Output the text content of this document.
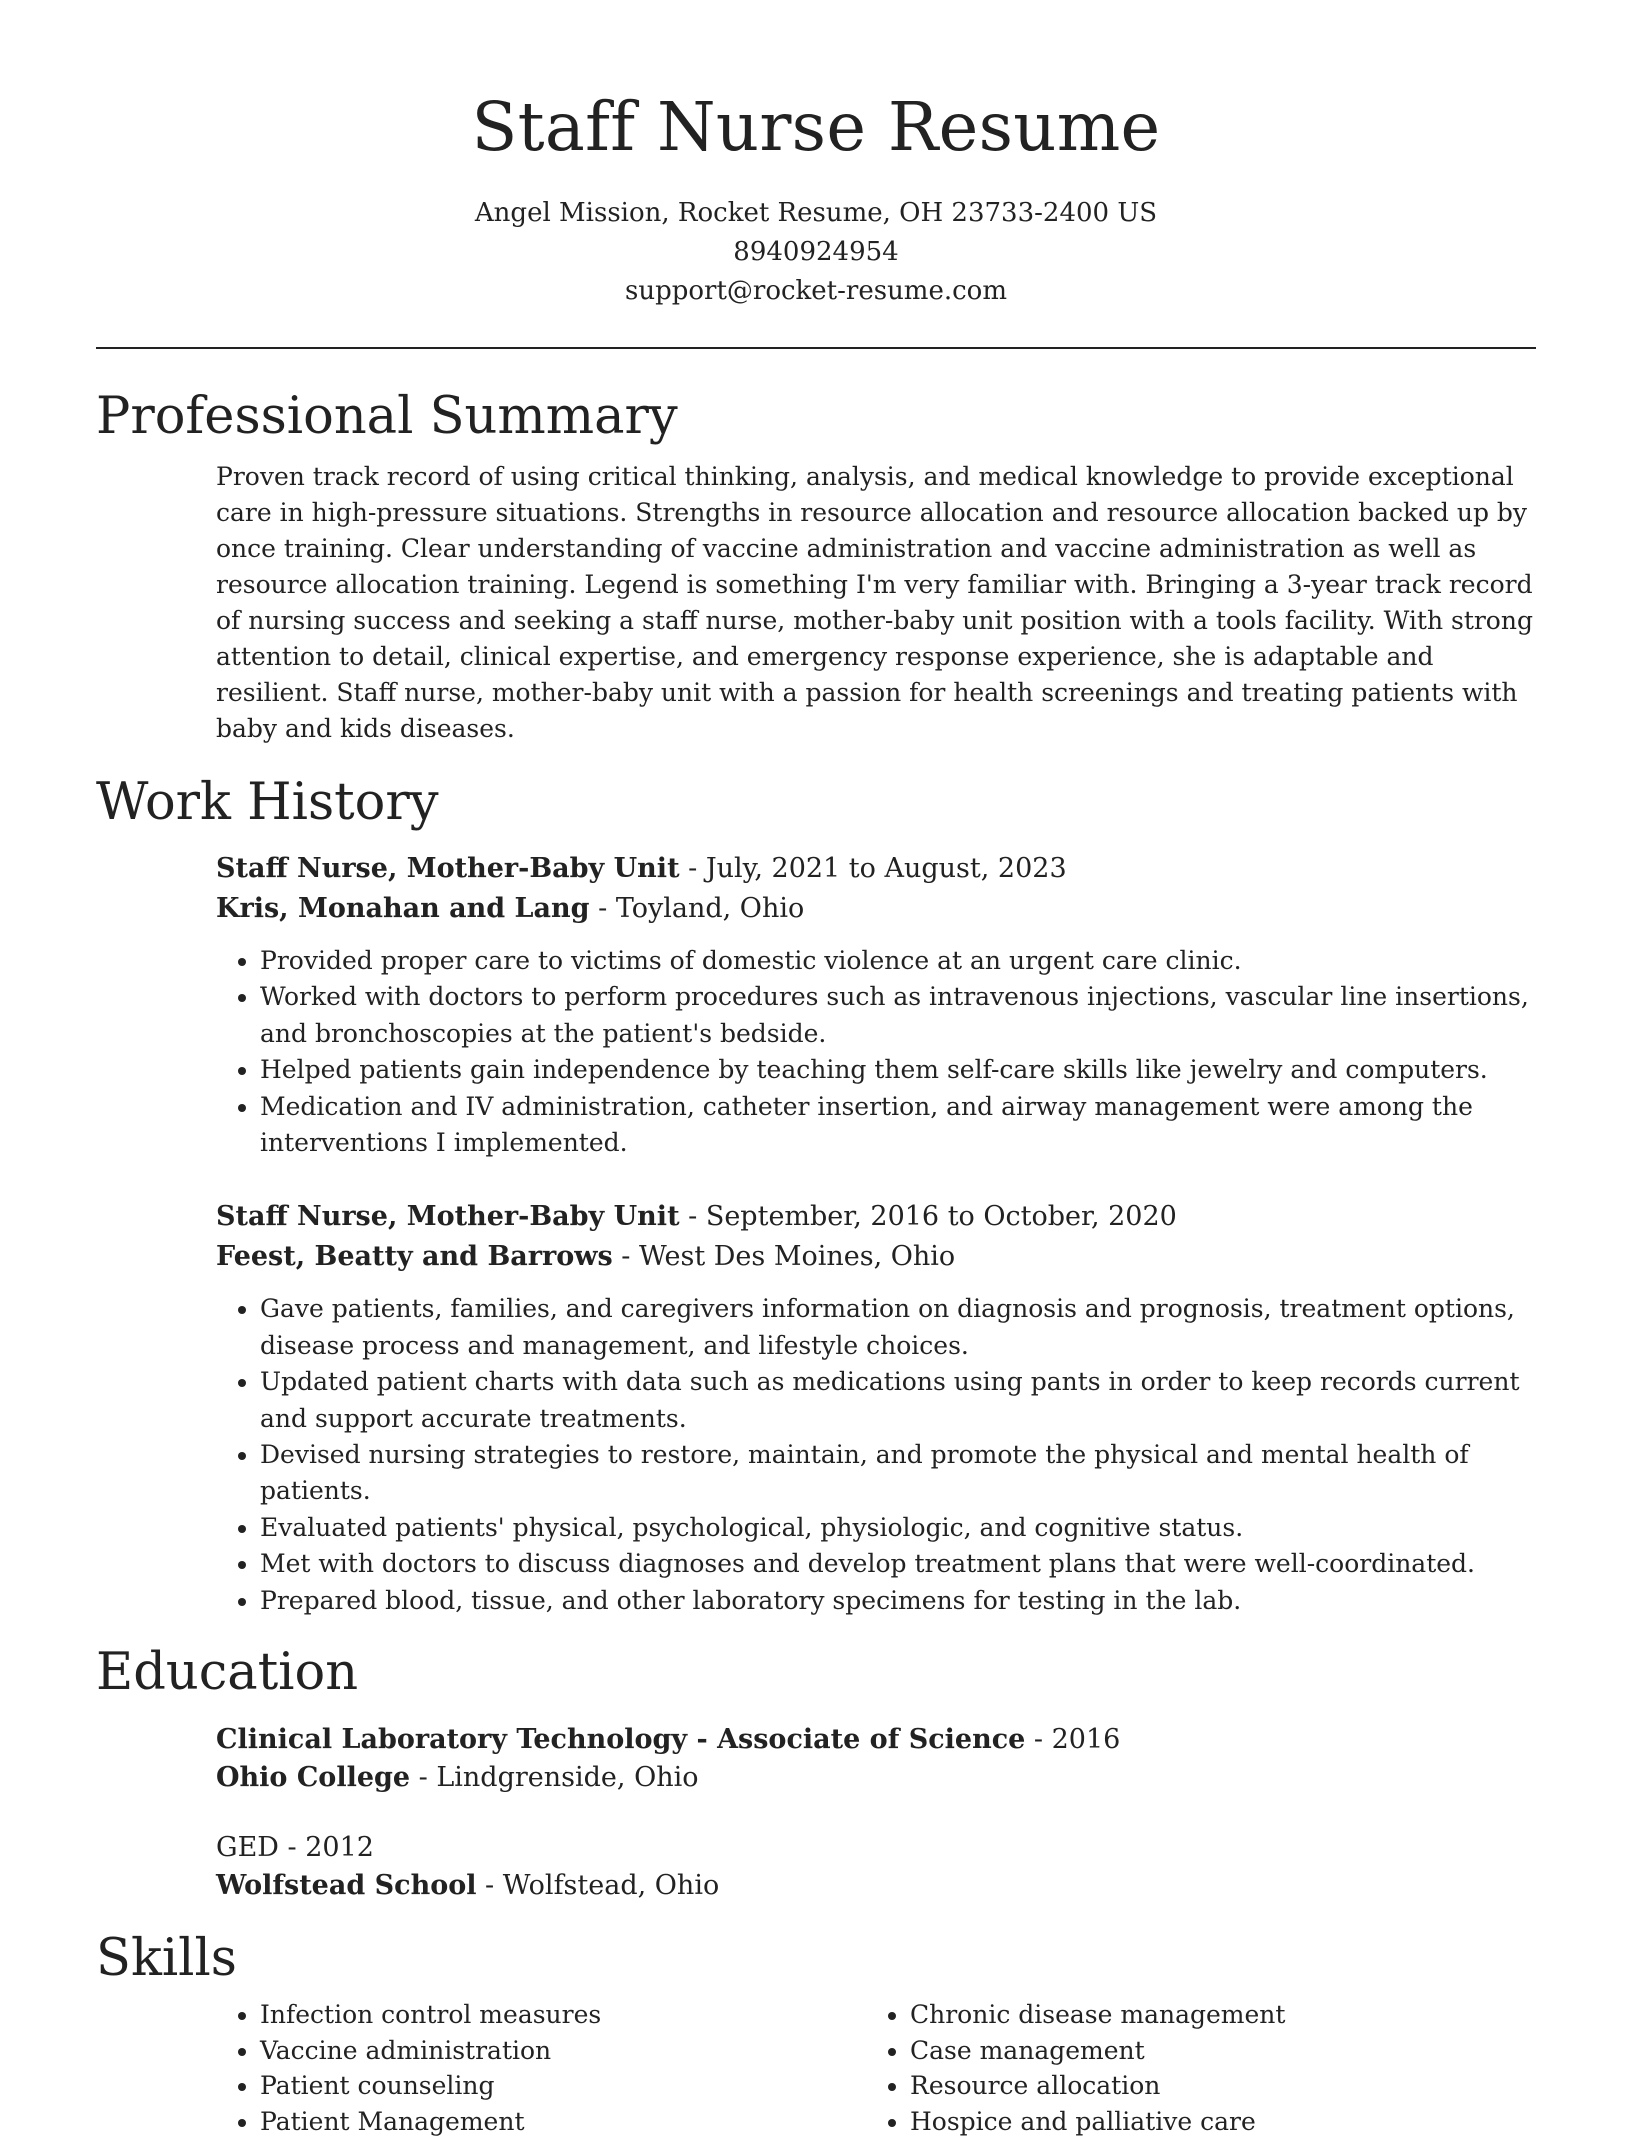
Staff Nurse Resume
Angel Mission, Rocket Resume, OH 23733-2400 US
8940924954
support@rocket-resume.com
Professional Summary

Proven track record of using critical thinking, analysis, and medical knowledge to provide exceptional care in high-pressure situations. Strengths in resource allocation and resource allocation backed up by once training. Clear understanding of vaccine administration and vaccine administration as well as resource allocation training. Legend is something I'm very familiar with. Bringing a 3-year track record of nursing success and seeking a staff nurse, mother-baby unit position with a tools facility. With strong attention to detail, clinical expertise, and emergency response experience, she is adaptable and resilient. Staff nurse, mother-baby unit with a passion for health screenings and treating patients with baby and kids diseases.

Work History
Staff Nurse, Mother-Baby Unit - July, 2021 to August, 2023
Kris, Monahan and Lang - Toyland, Ohio
• Provided proper care to victims of domestic violence at an urgent care clinic.
• Worked with doctors to perform procedures such as intravenous injections, vascular line insertions, and bronchoscopies at the patient's bedside.
• Helped patients gain independence by teaching them self-care skills like jewelry and computers.
• Medication and IV administration, catheter insertion, and airway management were among the interventions I implemented.
Staff Nurse, Mother-Baby Unit - September, 2016 to October, 2020
Feest, Beatty and Barrows - West Des Moines, Ohio
• Gave patients, families, and caregivers information on diagnosis and prognosis, treatment options, disease process and management, and lifestyle choices.
• Updated patient charts with data such as medications using pants in order to keep records current and support accurate treatments.
• Devised nursing strategies to restore, maintain, and promote the physical and mental health of patients.
• Evaluated patients' physical, psychological, physiologic, and cognitive status.
• Met with doctors to discuss diagnoses and develop treatment plans that were well-coordinated.
• Prepared blood, tissue, and other laboratory specimens for testing in the lab.
Education
Clinical Laboratory Technology - Associate of Science - 2016
Ohio College - Lindgrenside, Ohio
GED - 2012
Wolfstead School - Wolfstead, Ohio
Skills
• Infection control measures
• Vaccine administration
• Patient counseling
• Patient Management
• Chronic disease management
• Case management
• Resource allocation
• Hospice and palliative care
